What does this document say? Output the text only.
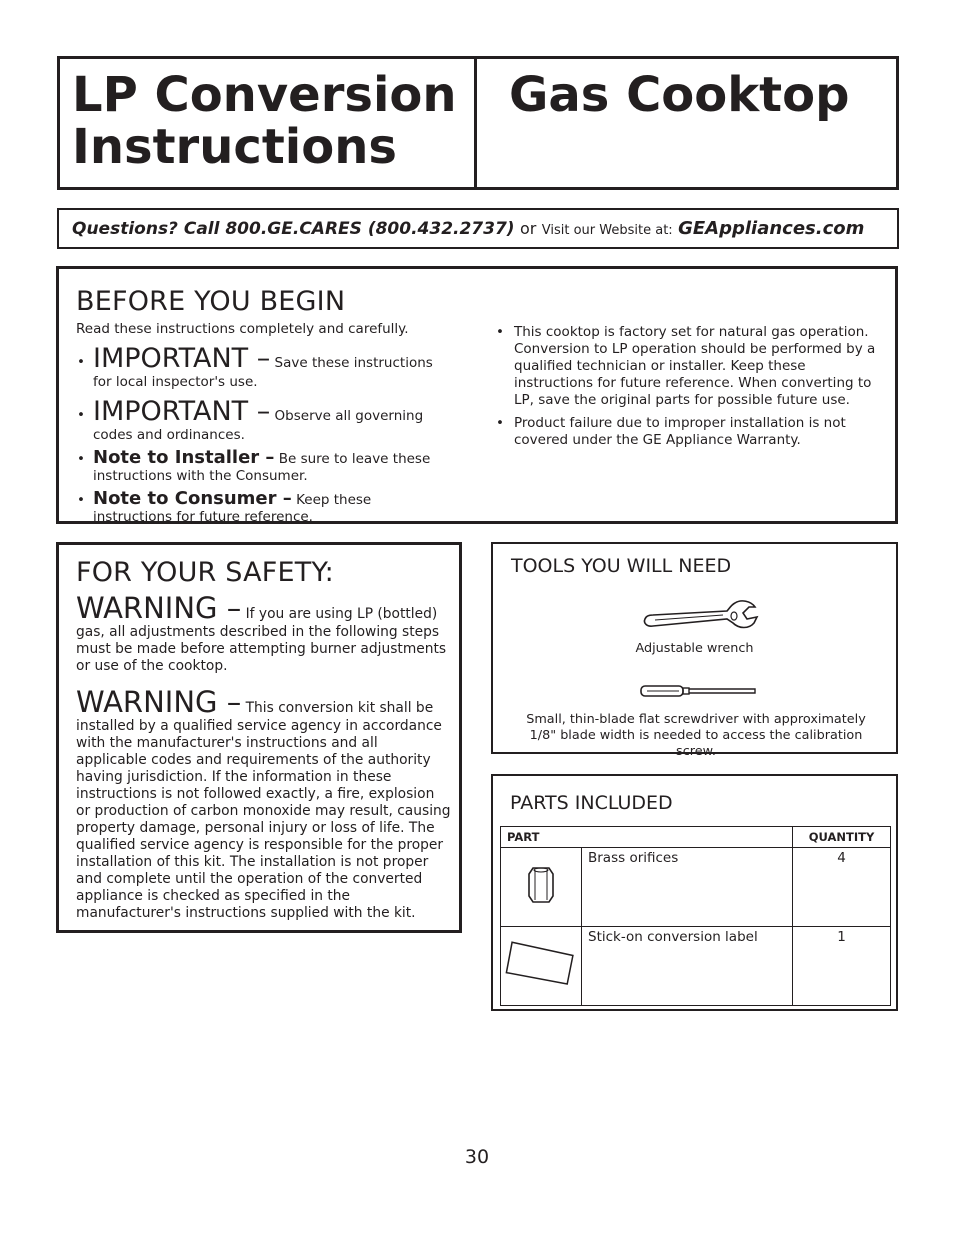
LP Conversion
Instructions
Gas Cooktop
Questions? Call 800.GE.CARES (800.432.2737) or Visit our Website at: GEAppliances.com
BEFORE YOU BEGIN
Read these instructions completely and carefully.
• IMPORTANT – Save these instructions for local inspector's use.
• IMPORTANT – Observe all governing codes and ordinances.
• Note to Installer – Be sure to leave these instructions with the Consumer.
• Note to Consumer – Keep these instructions for future reference.
• This cooktop is factory set for natural gas operation. Conversion to LP operation should be performed by a qualified technician or installer. Keep these instructions for future reference. When converting to LP, save the original parts for possible future use.
• Product failure due to improper installation is not covered under the GE Appliance Warranty.
FOR YOUR SAFETY:
WARNING – If you are using LP (bottled) gas, all adjustments described in the following steps must be made before attempting burner adjustments or use of the cooktop.
WARNING – This conversion kit shall be installed by a qualified service agency in accordance with the manufacturer's instructions and all applicable codes and requirements of the authority having jurisdiction. If the information in these instructions is not followed exactly, a fire, explosion or production of carbon monoxide may result, causing property damage, personal injury or loss of life. The qualified service agency is responsible for the proper installation of this kit. The installation is not proper and complete until the operation of the converted appliance is checked as specified in the manufacturer's instructions supplied with the kit.
TOOLS YOU WILL NEED
Adjustable wrench
Small, thin-blade flat screwdriver with approximately 1/8" blade width is needed to access the calibration screw.
PARTS INCLUDED
PART		QUANTITY
	Brass orifices	4
	Stick-on conversion label	1
30
